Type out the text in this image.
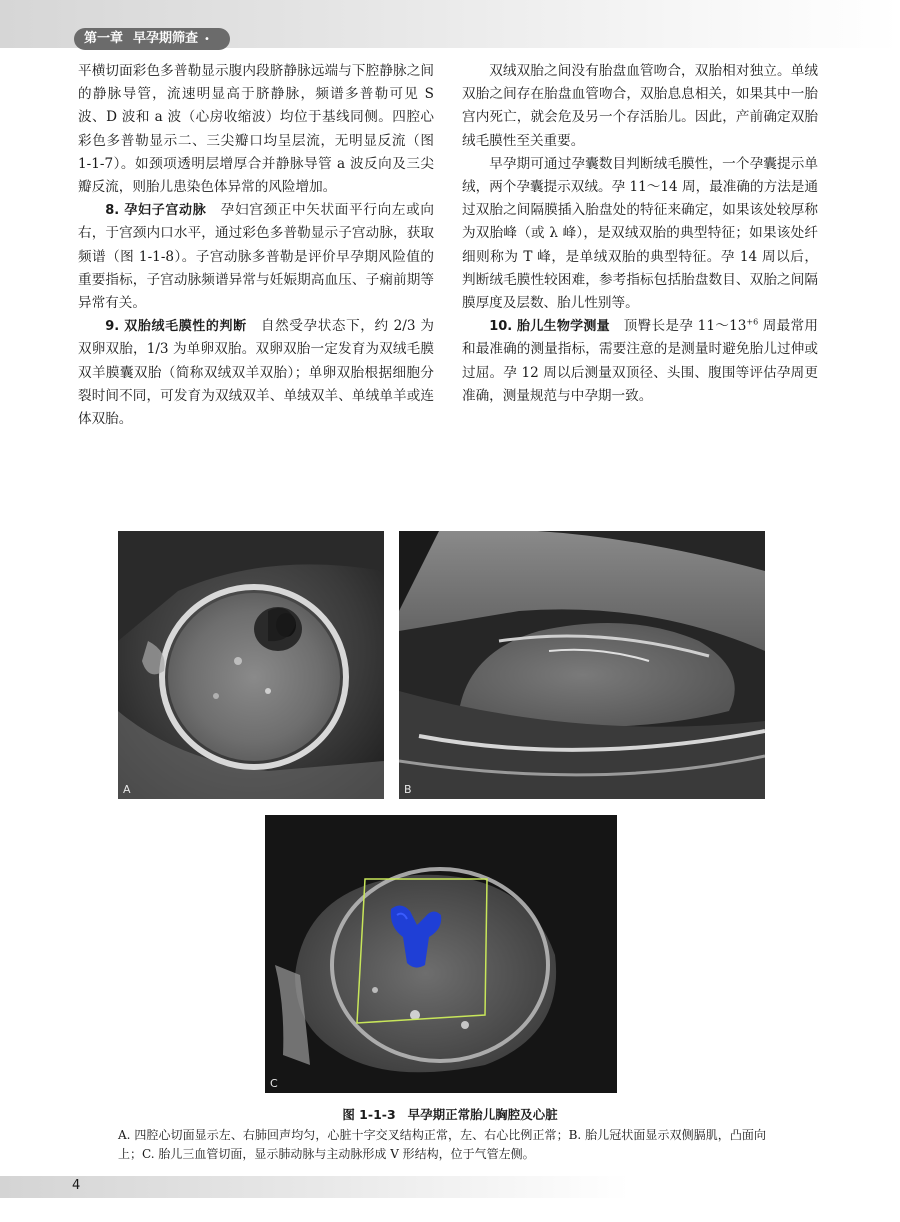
第一章 早孕期筛查 •

平横切面彩色多普勒显示腹内段脐静脉远端与下腔静脉之间的静脉导管，流速明显高于脐静脉，频谱多普勒可见 S 波、D 波和 a 波（心房收缩波）均位于基线同侧。四腔心彩色多普勒显示二、三尖瓣口均呈层流，无明显反流（图 1-1-7）。如颈项透明层增厚合并静脉导管 a 波反向及三尖瓣反流，则胎儿患染色体异常的风险增加。

8. 孕妇子宫动脉  孕妇宫颈正中矢状面平行向左或向右，于宫颈内口水平，通过彩色多普勒显示子宫动脉，获取频谱（图 1-1-8）。子宫动脉多普勒是评价早孕期风险值的重要指标，子宫动脉频谱异常与妊娠期高血压、子痫前期等异常有关。

9. 双胎绒毛膜性的判断  自然受孕状态下，约 2/3 为双卵双胎，1/3 为单卵双胎。双卵双胎一定发育为双绒毛膜双羊膜囊双胎（简称双绒双羊双胎）；单卵双胎根据细胞分裂时间不同，可发育为双绒双羊、单绒双羊、单绒单羊或连体双胎。

双绒双胎之间没有胎盘血管吻合，双胎相对独立。单绒双胎之间存在胎盘血管吻合，双胎息息相关，如果其中一胎宫内死亡，就会危及另一个存活胎儿。因此，产前确定双胎绒毛膜性至关重要。

早孕期可通过孕囊数目判断绒毛膜性，一个孕囊提示单绒，两个孕囊提示双绒。孕 11～14 周，最准确的方法是通过双胎之间隔膜插入胎盘处的特征来确定，如果该处较厚称为双胎峰（或 λ 峰），是双绒双胎的典型特征；如果该处纤细则称为 T 峰，是单绒双胎的典型特征。孕 14 周以后，判断绒毛膜性较困难，参考指标包括胎盘数目、双胎之间隔膜厚度及层数、胎儿性别等。

10. 胎儿生物学测量  顶臀长是孕 $11\sim 13^{+6}$ 周最常用和最准确的测量指标，需要注意的是测量时避免胎儿过伸或过屈。孕 12 周以后测量双顶径、头围、腹围等评估孕周更准确，测量规范与中孕期一致。

A	B
C
图 1-1-3 早孕期正常胎儿胸腔及心脏
A. 四腔心切面显示左、右肺回声均匀，心脏十字交叉结构正常，左、右心比例正常；B. 胎儿冠状面显示双侧膈肌，凸面向上；C. 胎儿三血管切面，显示肺动脉与主动脉形成 V 形结构，位于气管左侧。
4
